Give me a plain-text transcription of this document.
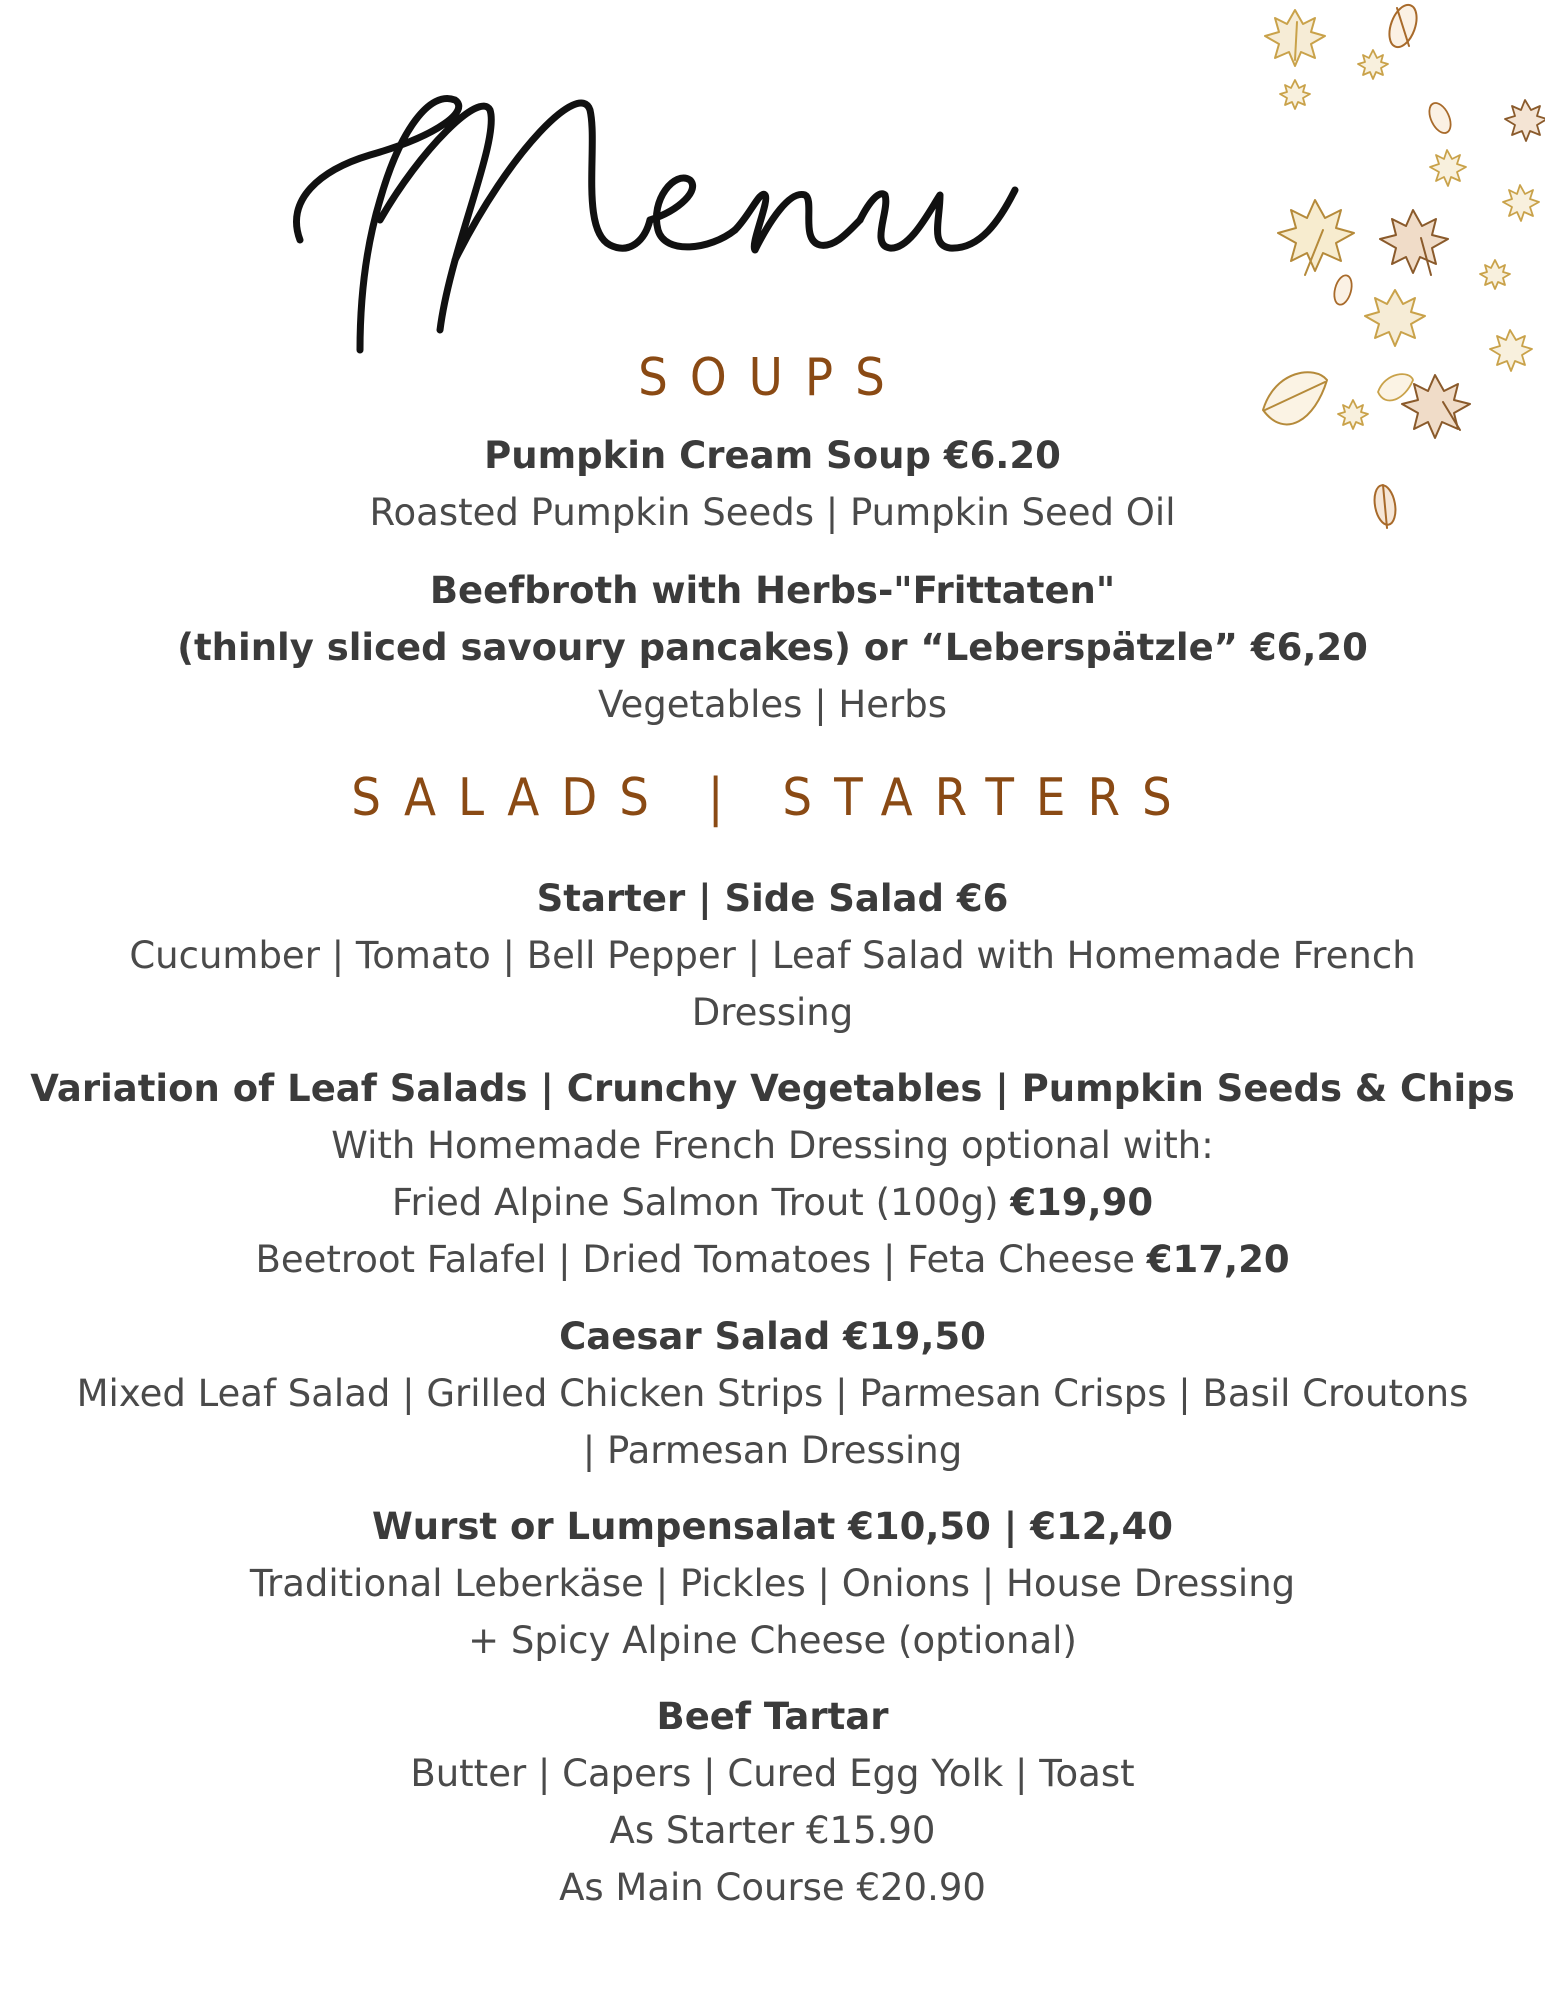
SOUPS
Pumpkin Cream Soup €6.20
Roasted Pumpkin Seeds | Pumpkin Seed Oil
Beefbroth with Herbs-"Frittaten"
(thinly sliced savoury pancakes) or “Leberspätzle” €6,20
Vegetables | Herbs
SALADS | STARTERS
Starter | Side Salad €6
Cucumber | Tomato | Bell Pepper | Leaf Salad with Homemade French
Dressing
Variation of Leaf Salads | Crunchy Vegetables | Pumpkin Seeds & Chips
With Homemade French Dressing optional with:
Fried Alpine Salmon Trout (100g) €19,90
Beetroot Falafel | Dried Tomatoes | Feta Cheese €17,20
Caesar Salad €19,50
Mixed Leaf Salad | Grilled Chicken Strips | Parmesan Crisps | Basil Croutons
| Parmesan Dressing
Wurst or Lumpensalat €10,50 | €12,40
Traditional Leberkäse | Pickles | Onions | House Dressing
+ Spicy Alpine Cheese (optional)
Beef Tartar
Butter | Capers | Cured Egg Yolk | Toast
As Starter €15.90
As Main Course €20.90
